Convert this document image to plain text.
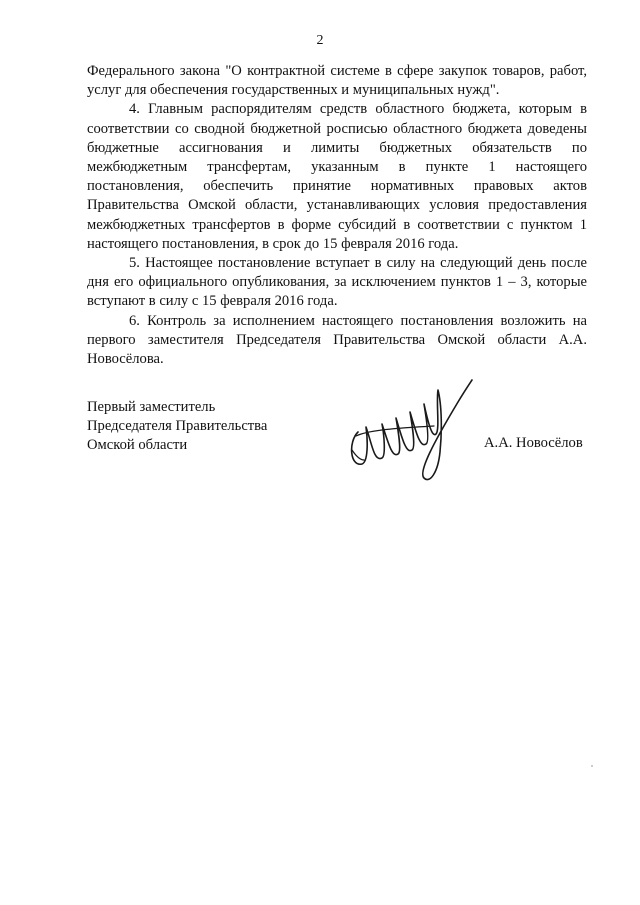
2

Федерального закона "О контрактной системе в сфере закупок товаров, работ, услуг для обеспечения государственных и муниципальных нужд".

4. Главным распорядителям средств областного бюджета, которым в соответствии со сводной бюджетной росписью областного бюджета доведены бюджетные ассигнования и лимиты бюджетных обязательств по межбюджетным трансфертам, указанным в пункте 1 настоящего постановления, обеспечить принятие нормативных правовых актов Правительства Омской области, устанавливающих условия предоставления межбюджетных трансфертов в форме субсидий в соответствии с пунктом 1 настоящего постановления, в срок до 15 февраля 2016 года.

5. Настоящее постановление вступает в силу на следующий день после дня его официального опубликования, за исключением пунктов 1 – 3, которые вступают в силу с 15 февраля 2016 года.

6. Контроль за исполнением настоящего постановления возложить на первого заместителя Председателя Правительства Омской области А.А. Новосёлова.

Первый заместитель
Председателя Правительства
Омской области	А.А. Новосёлов
